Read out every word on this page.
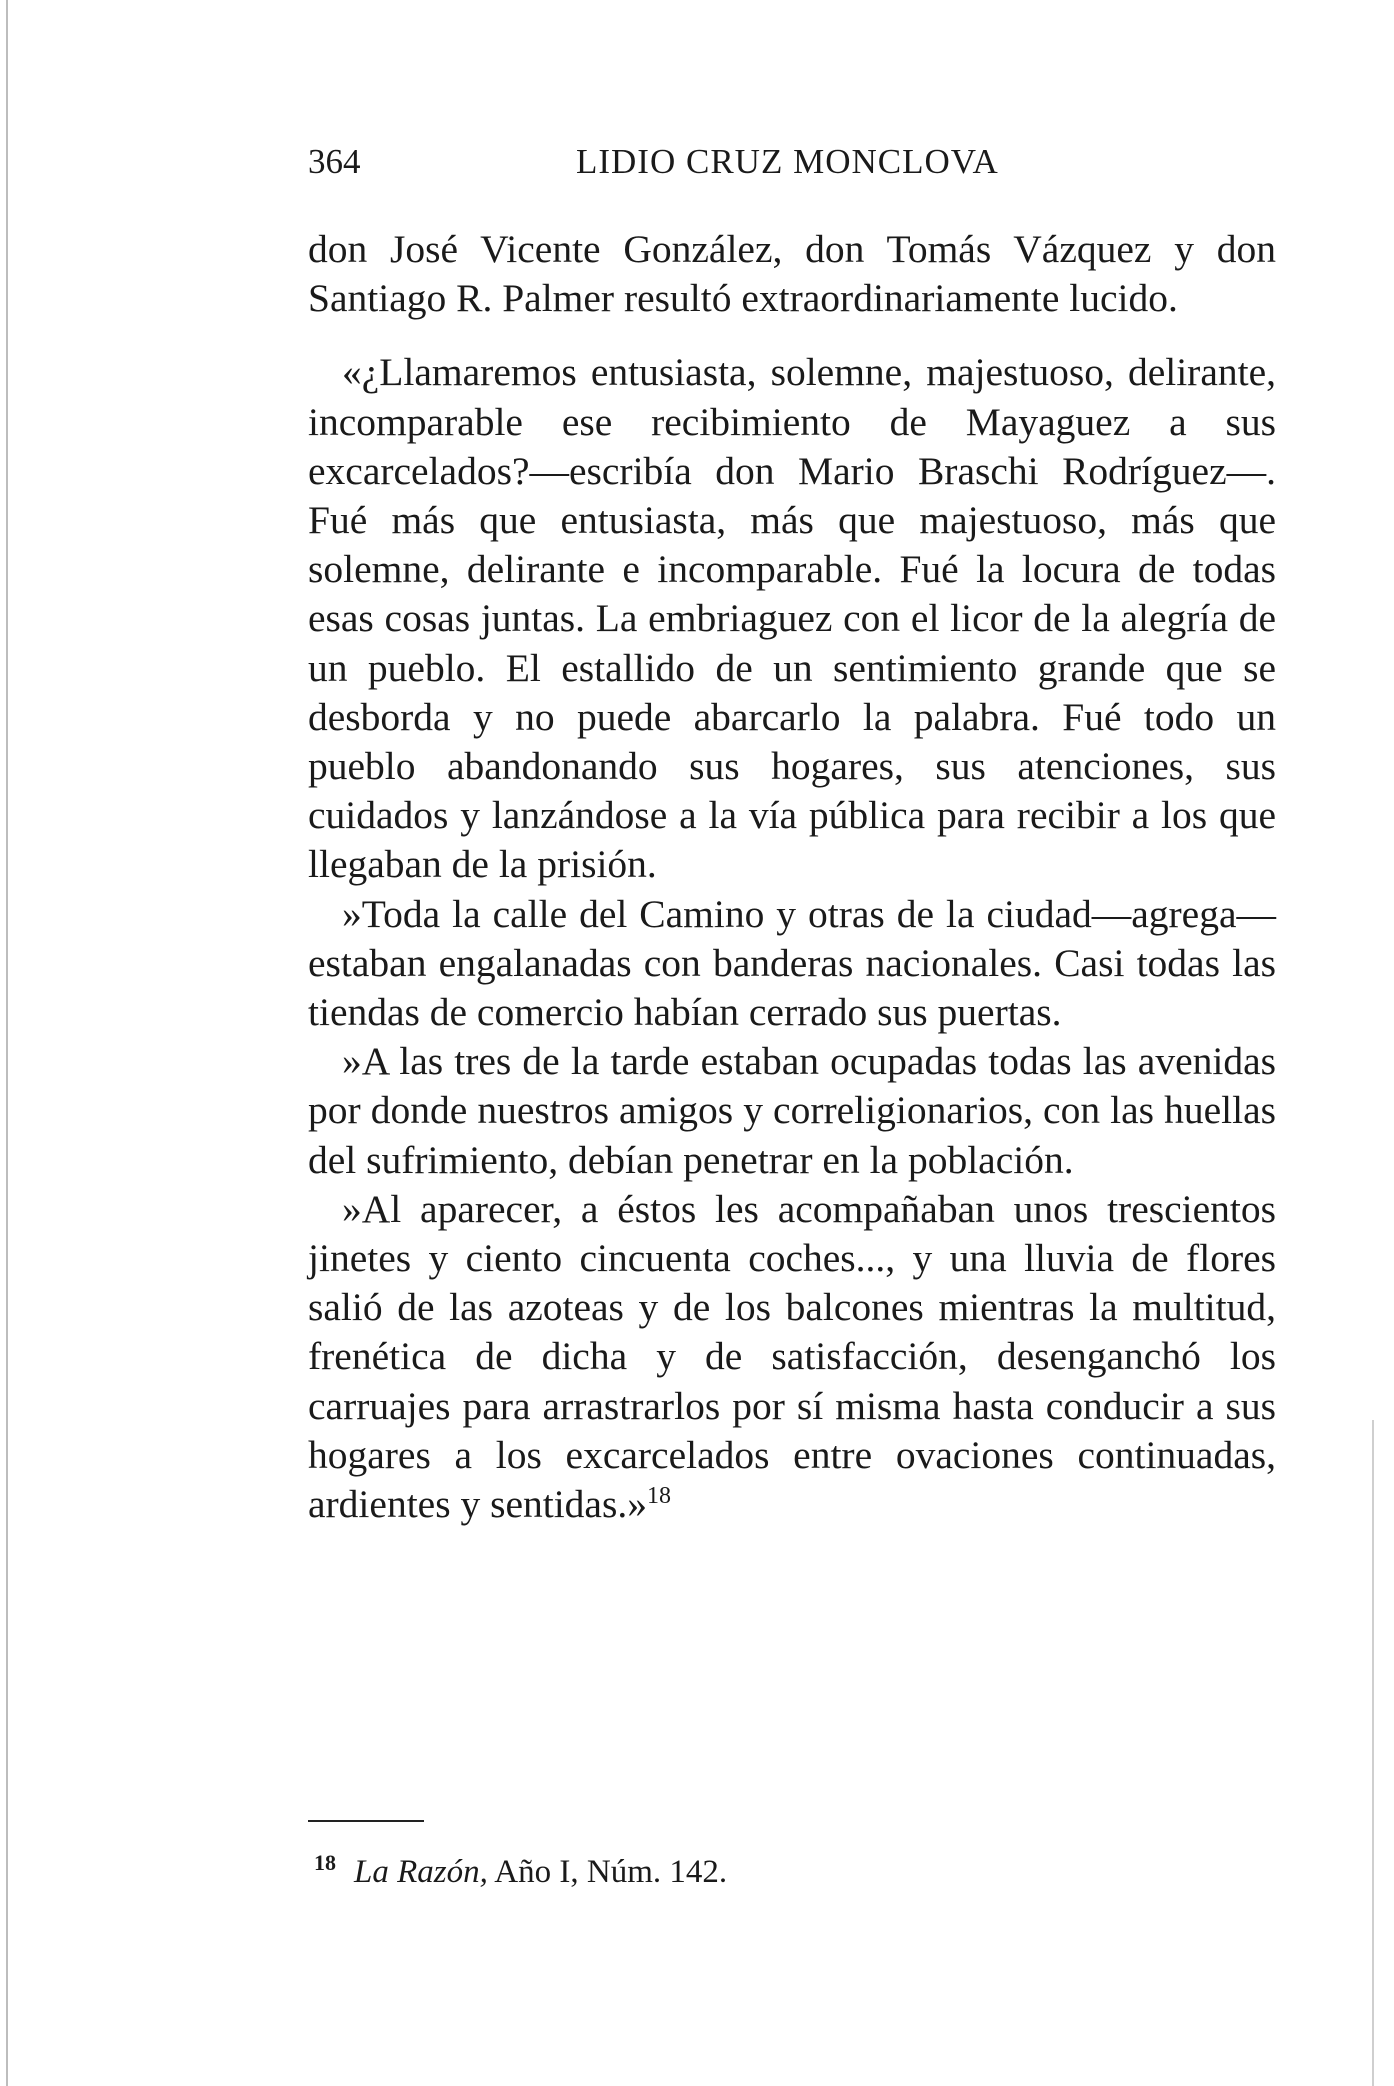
364	LIDIO CRUZ MONCLOVA

don José Vicente González, don Tomás Vázquez y don Santiago R. Palmer resultó extraordinariamente lucido.

«¿Llamaremos entusiasta, solemne, majestuoso, delirante, incomparable ese recibimiento de Mayaguez a sus excarcelados?—escribía don Mario Braschi Rodríguez—. Fué más que entusiasta, más que majestuoso, más que solemne, delirante e incomparable. Fué la locura de todas esas cosas juntas. La embriaguez con el licor de la alegría de un pueblo. El estallido de un sentimiento grande que se desborda y no puede abarcarlo la palabra. Fué todo un pueblo abandonando sus hogares, sus atenciones, sus cuidados y lanzándose a la vía pública para recibir a los que llegaban de la prisión.

»Toda la calle del Camino y otras de la ciudad—agrega—estaban engalanadas con banderas nacionales. Casi todas las tiendas de comercio habían cerrado sus puertas.

»A las tres de la tarde estaban ocupadas todas las avenidas por donde nuestros amigos y correligionarios, con las huellas del sufrimiento, debían penetrar en la población.

»Al aparecer, a éstos les acompañaban unos trescientos jinetes y ciento cincuenta coches..., y una lluvia de flores salió de las azoteas y de los balcones mientras la multitud, frenética de dicha y de satisfacción, desenganchó los carruajes para arrastrarlos por sí misma hasta conducir a sus hogares a los excarcelados entre ovaciones continuadas, ardientes y sentidas.»$^{18}$

$^{18}$ La Razón, Año I, Núm. 142.
